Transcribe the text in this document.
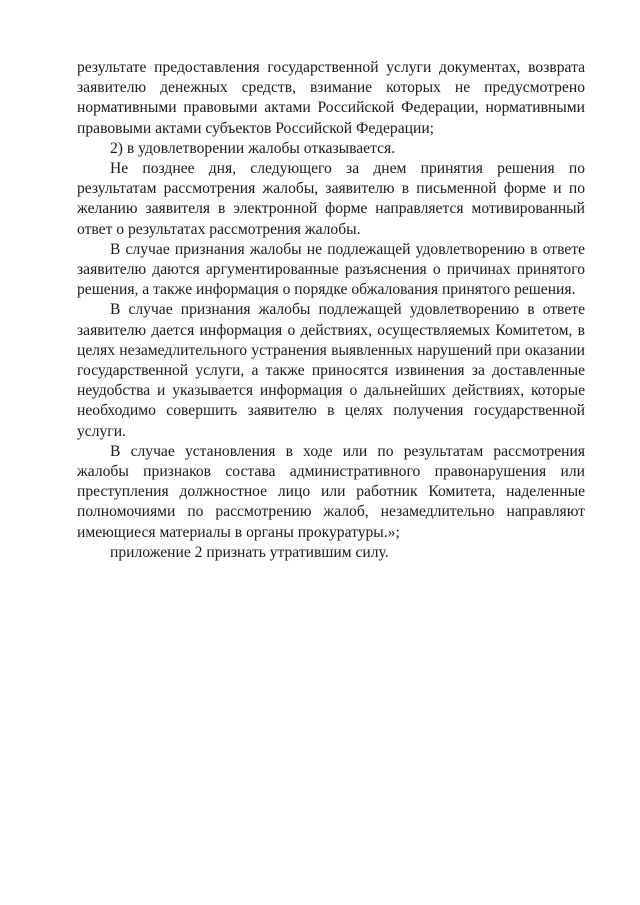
результате предоставления государственной услуги документах, возврата заявителю денежных средств, взимание которых не предусмотрено нормативными правовыми актами Российской Федерации, нормативными правовыми актами субъектов Российской Федерации;

2) в удовлетворении жалобы отказывается.

Не позднее дня, следующего за днем принятия решения по результатам рассмотрения жалобы, заявителю в письменной форме и по желанию заявителя в электронной форме направляется мотивированный ответ о результатах рассмотрения жалобы.

В случае признания жалобы не подлежащей удовлетворению в ответе заявителю даются аргументированные разъяснения о причинах принятого решения, а также информация о порядке обжалования принятого решения.

В случае признания жалобы подлежащей удовлетворению в ответе заявителю дается информация о действиях, осуществляемых Комитетом, в целях незамедлительного устранения выявленных нарушений при оказании государственной услуги, а также приносятся извинения за доставленные неудобства и указывается информация о дальнейших действиях, которые необходимо совершить заявителю в целях получения государственной услуги.

В случае установления в ходе или по результатам рассмотрения жалобы признаков состава административного правонарушения или преступления должностное лицо или работник Комитета, наделенные полномочиями по рассмотрению жалоб, незамедлительно направляют имеющиеся материалы в органы прокуратуры.»;

приложение 2 признать утратившим силу.
